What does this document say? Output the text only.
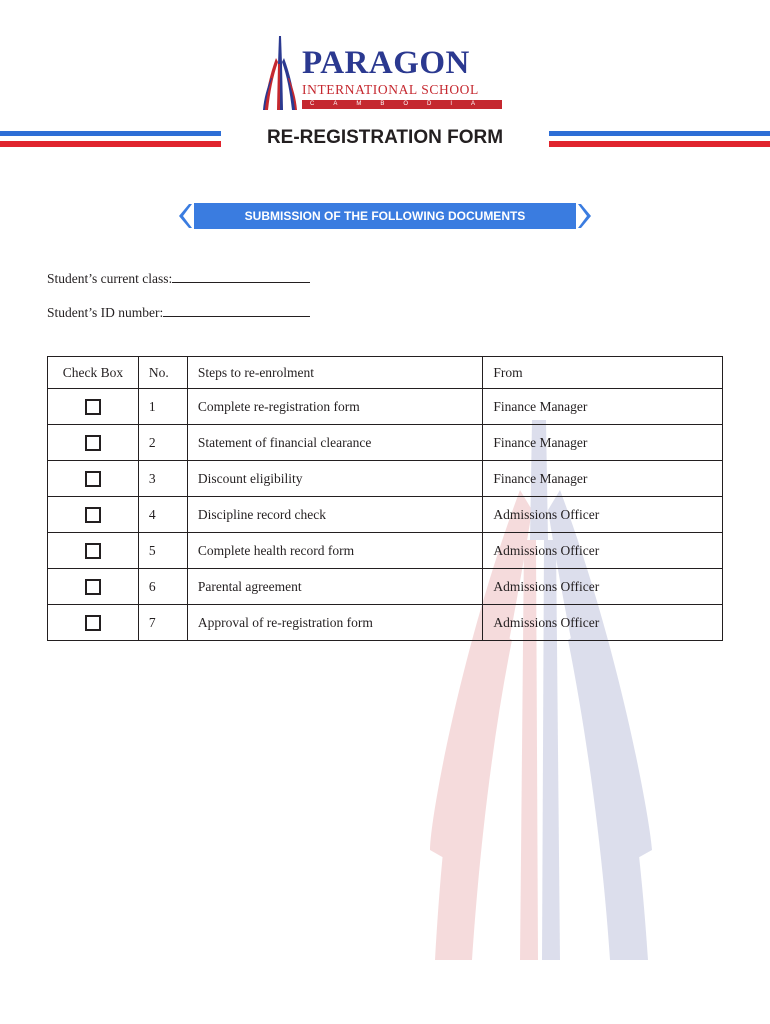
PARAGON
INTERNATIONAL SCHOOL
CAMBODIA
RE-REGISTRATION FORM
SUBMISSION OF THE FOLLOWING DOCUMENTS
Student’s current class:
Student’s ID number:
Check Box	No.	Steps to re-enrolment	From
	1	Complete re-registration form	Finance Manager
	2	Statement of financial clearance	Finance Manager
	3	Discount eligibility	Finance Manager
	4	Discipline record check	Admissions Officer
	5	Complete health record form	Admissions Officer
	6	Parental agreement	Admissions Officer
	7	Approval of re-registration form	Admissions Officer
